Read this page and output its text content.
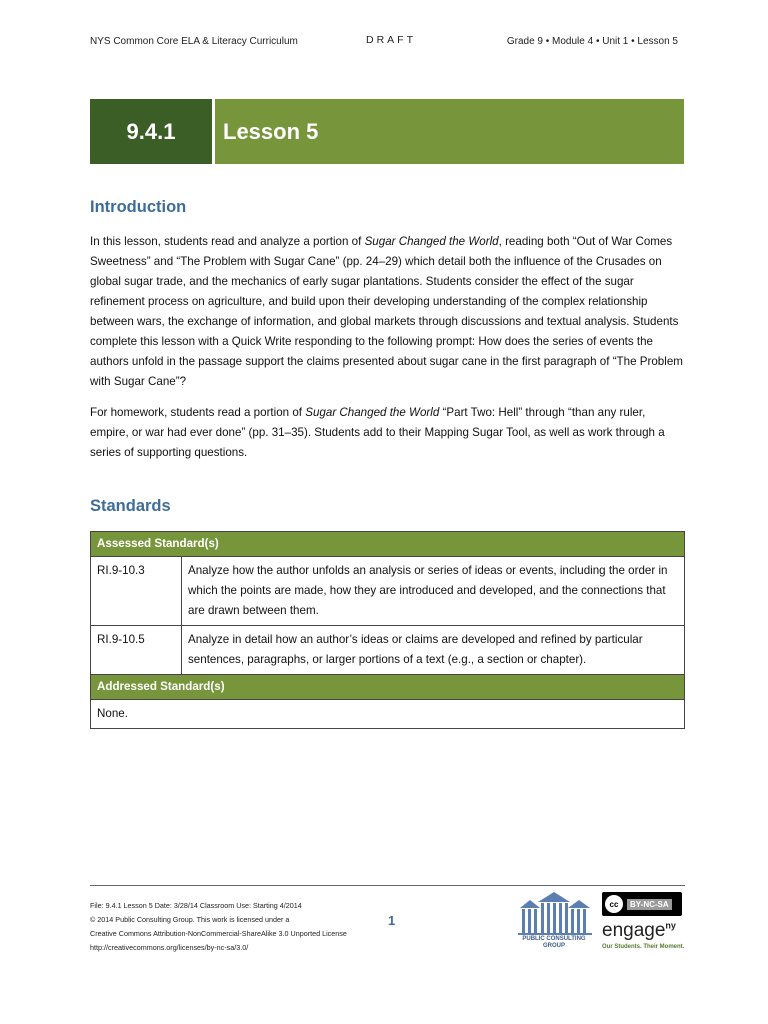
NYS Common Core ELA & Literacy Curriculum	DRAFT	Grade 9 • Module 4 • Unit 1 • Lesson 5
9.4.1	Lesson 5
Introduction
In this lesson, students read and analyze a portion of Sugar Changed the World, reading both “Out of War Comes Sweetness” and “The Problem with Sugar Cane” (pp. 24–29) which detail both the influence of the Crusades on global sugar trade, and the mechanics of early sugar plantations. Students consider the effect of the sugar refinement process on agriculture, and build upon their developing understanding of the complex relationship between wars, the exchange of information, and global markets through discussions and textual analysis. Students complete this lesson with a Quick Write responding to the following prompt: How does the series of events the authors unfold in the passage support the claims presented about sugar cane in the first paragraph of “The Problem with Sugar Cane”?
For homework, students read a portion of Sugar Changed the World “Part Two: Hell” through “than any ruler, empire, or war had ever done” (pp. 31–35). Students add to their Mapping Sugar Tool, as well as work through a series of supporting questions.
Standards
Assessed Standard(s)	
RI.9-10.3	Analyze how the author unfolds an analysis or series of ideas or events, including the order in which the points are made, how they are introduced and developed, and the connections that are drawn between them.
RI.9-10.5	Analyze in detail how an author’s ideas or claims are developed and refined by particular sentences, paragraphs, or larger portions of a text (e.g., a section or chapter).
Addressed Standard(s)	
None.	
File: 9.4.1 Lesson 5 Date: 3/28/14 Classroom Use: Starting 4/2014
© 2014 Public Consulting Group. This work is licensed under a
Creative Commons Attribution-NonCommercial-ShareAlike 3.0 Unported License
http://creativecommons.org/licenses/by-nc-sa/3.0/
1
PUBLIC CONSULTING GROUP
cc	BY-NC-SA
engage$^{ny}$
Our Students. Their Moment.
